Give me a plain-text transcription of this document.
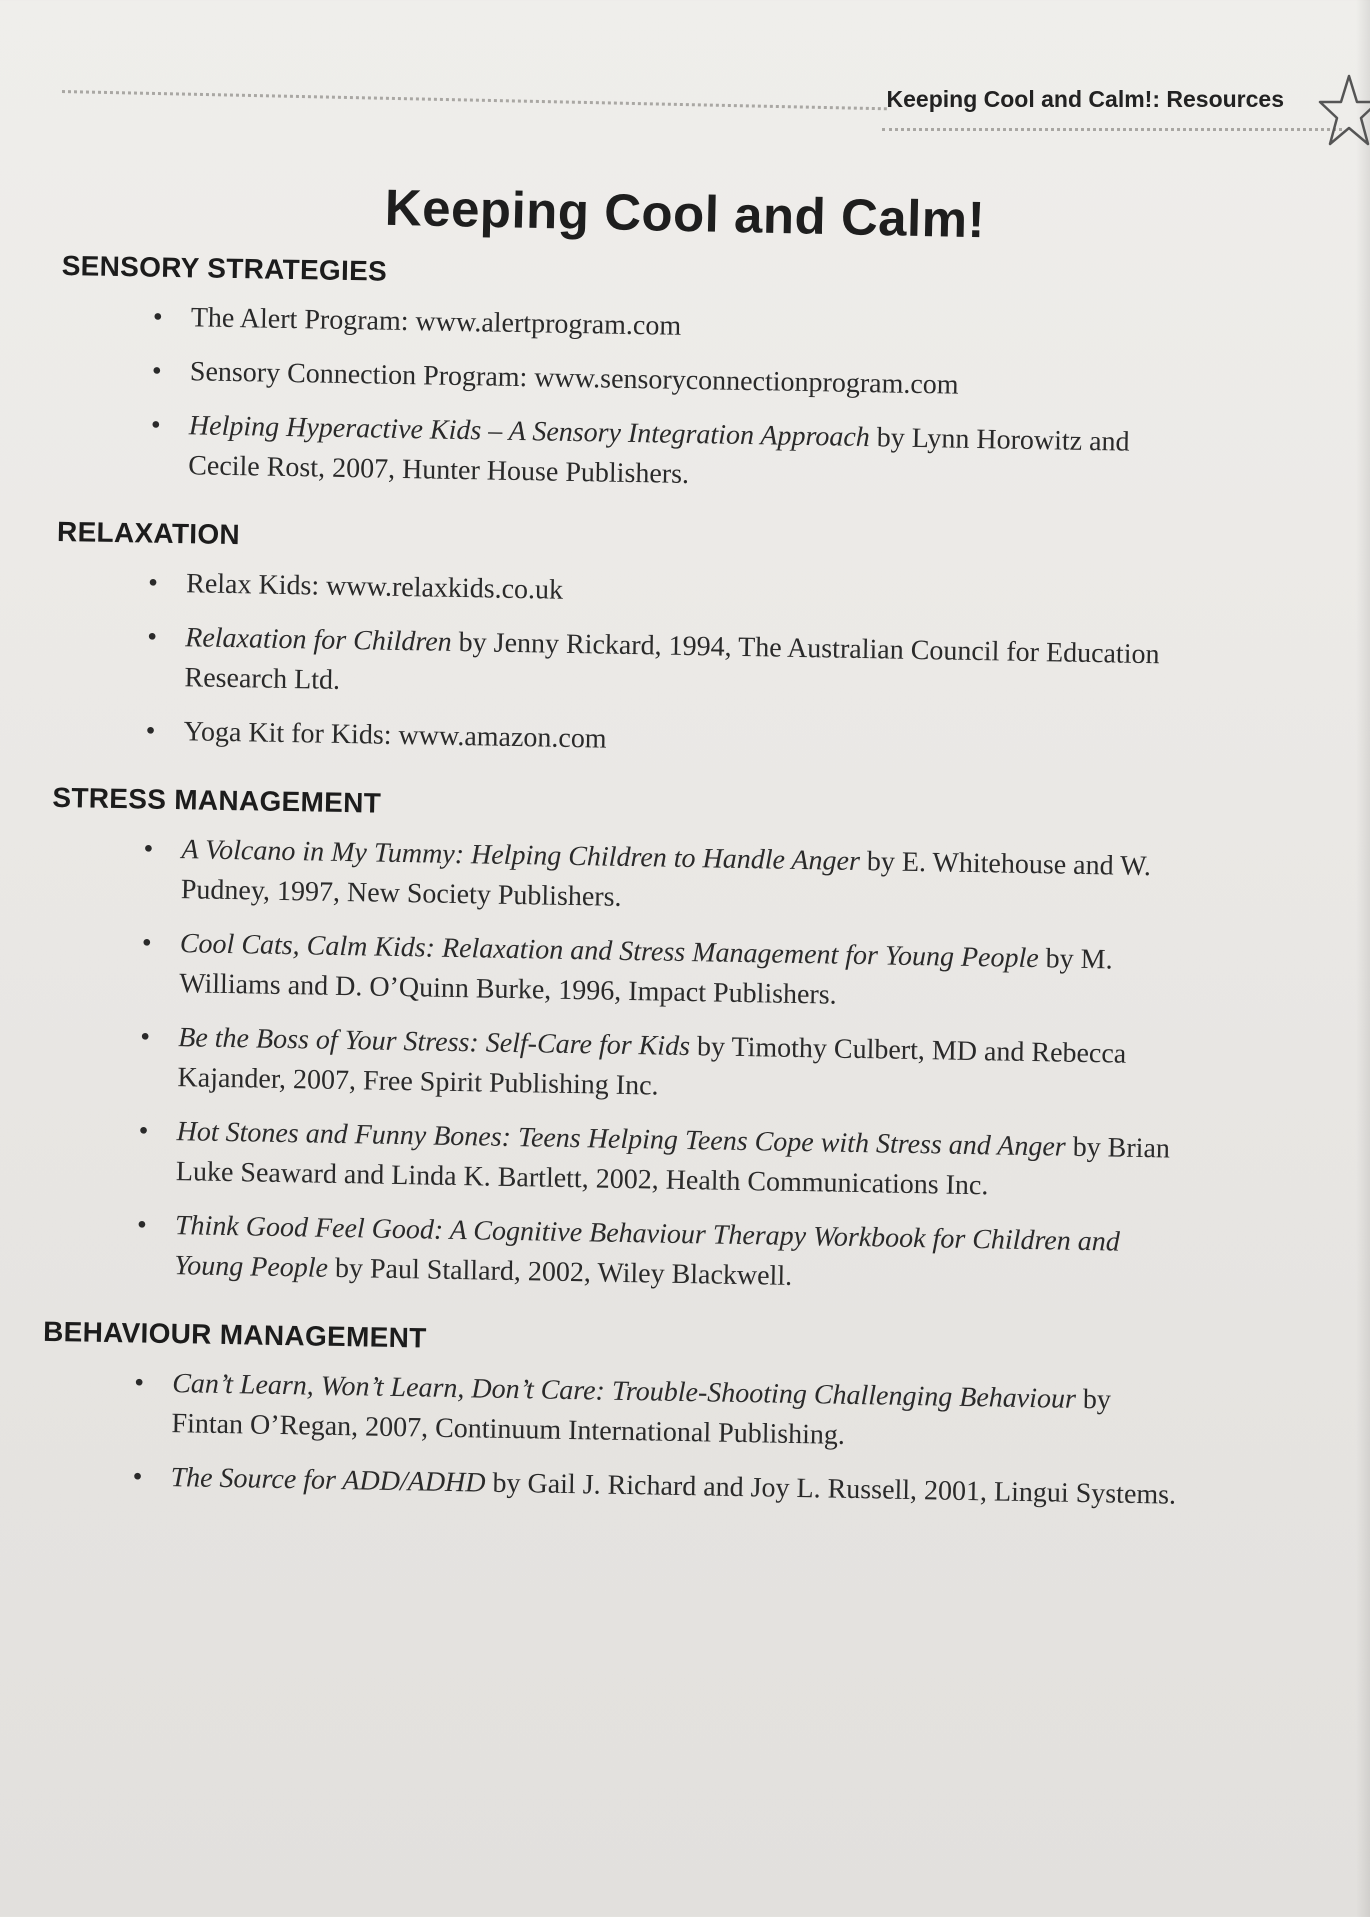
Keeping Cool and Calm!: Resources
Keeping Cool and Calm!
SENSORY STRATEGIES
• The Alert Program: www.alertprogram.com
• Sensory Connection Program: www.sensoryconnectionprogram.com
• Helping Hyperactive Kids – A Sensory Integration Approach by Lynn Horowitz and Cecile Rost, 2007, Hunter House Publishers.
RELAXATION
• Relax Kids: www.relaxkids.co.uk
• Relaxation for Children by Jenny Rickard, 1994, The Australian Council for Education Research Ltd.
• Yoga Kit for Kids: www.amazon.com
STRESS MANAGEMENT
• A Volcano in My Tummy: Helping Children to Handle Anger by E. Whitehouse and W. Pudney, 1997, New Society Publishers.
• Cool Cats, Calm Kids: Relaxation and Stress Management for Young People by M. Williams and D. O’Quinn Burke, 1996, Impact Publishers.
• Be the Boss of Your Stress: Self-Care for Kids by Timothy Culbert, MD and Rebecca Kajander, 2007, Free Spirit Publishing Inc.
• Hot Stones and Funny Bones: Teens Helping Teens Cope with Stress and Anger by Brian Luke Seaward and Linda K. Bartlett, 2002, Health Communications Inc.
• Think Good Feel Good: A Cognitive Behaviour Therapy Workbook for Children and Young People by Paul Stallard, 2002, Wiley Blackwell.
BEHAVIOUR MANAGEMENT
• Can’t Learn, Won’t Learn, Don’t Care: Trouble-Shooting Challenging Behaviour by Fintan O’Regan, 2007, Continuum International Publishing.
• The Source for ADD/ADHD by Gail J. Richard and Joy L. Russell, 2001, Lingui Systems.
